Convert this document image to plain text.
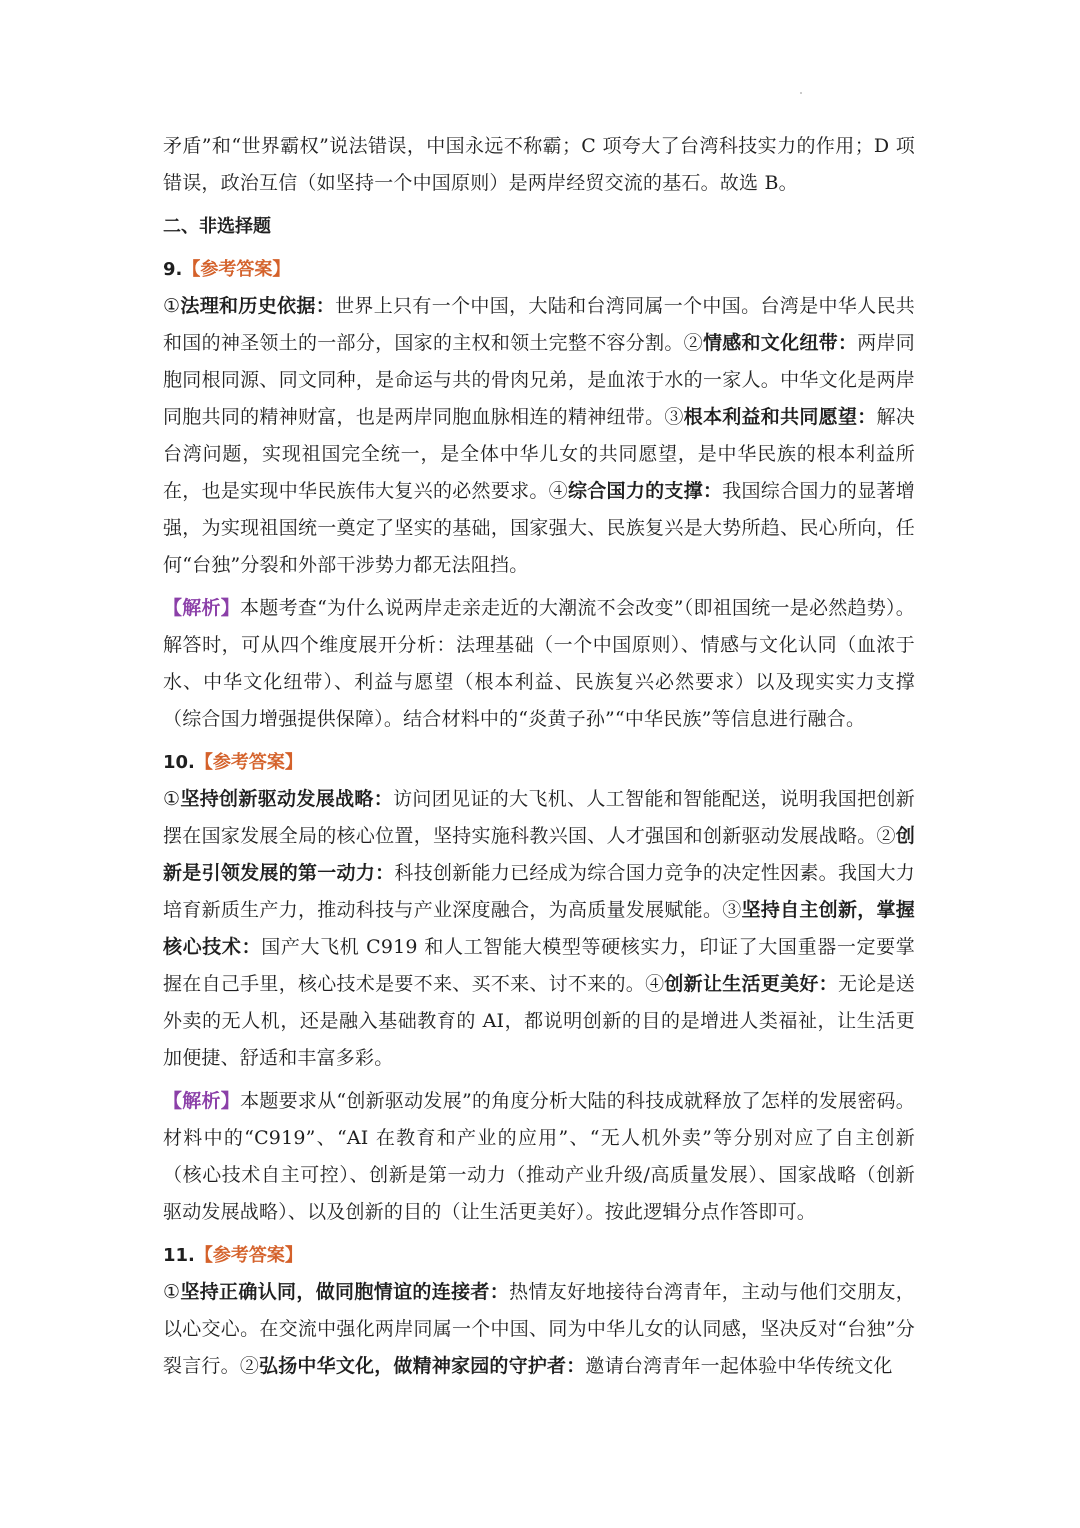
矛盾”和“世界霸权”说法错误，中国永远不称霸；C 项夸大了台湾科技实力的作用；D 项错误，政治互信（如坚持一个中国原则）是两岸经贸交流的基石。故选 B。

二、非选择题

9.【参考答案】

①法理和历史依据：世界上只有一个中国，大陆和台湾同属一个中国。台湾是中华人民共和国的神圣领土的一部分，国家的主权和领土完整不容分割。②情感和文化纽带：两岸同胞同根同源、同文同种，是命运与共的骨肉兄弟，是血浓于水的一家人。中华文化是两岸同胞共同的精神财富，也是两岸同胞血脉相连的精神纽带。③根本利益和共同愿望：解决台湾问题，实现祖国完全统一，是全体中华儿女的共同愿望，是中华民族的根本利益所在，也是实现中华民族伟大复兴的必然要求。④综合国力的支撑：我国综合国力的显著增强，为实现祖国统一奠定了坚实的基础，国家强大、民族复兴是大势所趋、民心所向，任何“台独”分裂和外部干涉势力都无法阻挡。

【解析】本题考查“为什么说两岸走亲走近的大潮流不会改变”（即祖国统一是必然趋势）。解答时，可从四个维度展开分析：法理基础（一个中国原则）、情感与文化认同（血浓于水、中华文化纽带）、利益与愿望（根本利益、民族复兴必然要求）以及现实实力支撑（综合国力增强提供保障）。结合材料中的“炎黄子孙”“中华民族”等信息进行融合。

10.【参考答案】

①坚持创新驱动发展战略：访问团见证的大飞机、人工智能和智能配送，说明我国把创新摆在国家发展全局的核心位置，坚持实施科教兴国、人才强国和创新驱动发展战略。②创新是引领发展的第一动力：科技创新能力已经成为综合国力竞争的决定性因素。我国大力培育新质生产力，推动科技与产业深度融合，为高质量发展赋能。③坚持自主创新，掌握核心技术：国产大飞机 C919 和人工智能大模型等硬核实力，印证了大国重器一定要掌握在自己手里，核心技术是要不来、买不来、讨不来的。④创新让生活更美好：无论是送外卖的无人机，还是融入基础教育的 AI，都说明创新的目的是增进人类福祉，让生活更加便捷、舒适和丰富多彩。

【解析】本题要求从“创新驱动发展”的角度分析大陆的科技成就释放了怎样的发展密码。材料中的“C919”、“AI 在教育和产业的应用”、“无人机外卖”等分别对应了自主创新（核心技术自主可控）、创新是第一动力（推动产业升级/高质量发展）、国家战略（创新驱动发展战略）、以及创新的目的（让生活更美好）。按此逻辑分点作答即可。

11.【参考答案】

①坚持正确认同，做同胞情谊的连接者：热情友好地接待台湾青年，主动与他们交朋友，以心交心。在交流中强化两岸同属一个中国、同为中华儿女的认同感，坚决反对“台独”分裂言行。②弘扬中华文化，做精神家园的守护者：邀请台湾青年一起体验中华传统文化
